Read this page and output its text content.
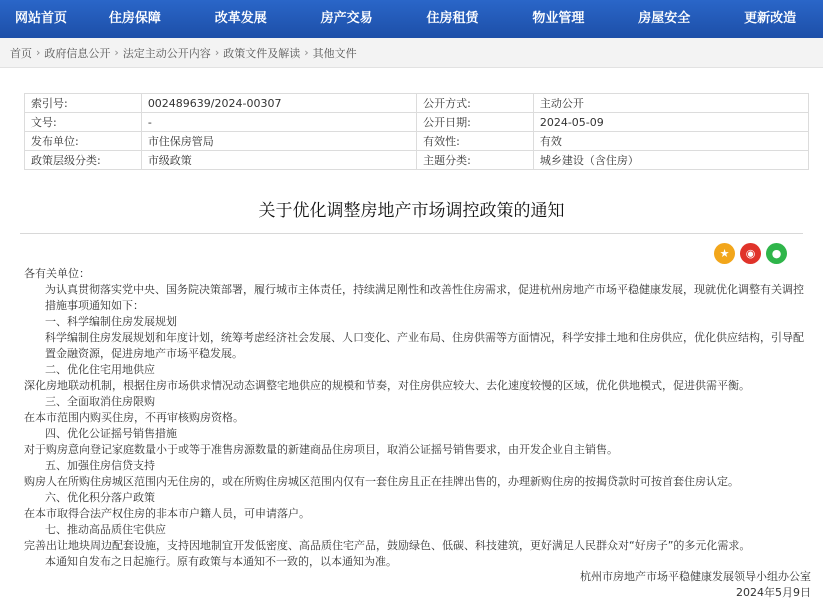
网站首页	住房保障	改革发展	房产交易	住房租赁	物业管理	房屋安全	更新改造
首页 › 政府信息公开 › 法定主动公开内容 › 政策文件及解读 › 其他文件
索引号:	002489639/2024-00307	公开方式:	主动公开
文号:	-	公开日期:	2024-05-09
发布单位:	市住保房管局	有效性:	有效
政策层级分类:	市级政策	主题分类:	城乡建设（含住房）
关于优化调整房地产市场调控政策的通知
★	◉	●

各有关单位：

为认真贯彻落实党中央、国务院决策部署，履行城市主体责任，持续满足刚性和改善性住房需求，促进杭州房地产市场平稳健康发展，现就优化调整有关调控措施事项通知如下：

一、科学编制住房发展规划

科学编制住房发展规划和年度计划，统筹考虑经济社会发展、人口变化、产业布局、住房供需等方面情况，科学安排土地和住房供应，优化供应结构，引导配置金融资源，促进房地产市场平稳发展。

二、优化住宅用地供应

深化房地联动机制，根据住房市场供求情况动态调整宅地供应的规模和节奏，对住房供应较大、去化速度较慢的区域，优化供地模式，促进供需平衡。

三、全面取消住房限购

在本市范围内购买住房，不再审核购房资格。

四、优化公证摇号销售措施

对于购房意向登记家庭数量小于或等于准售房源数量的新建商品住房项目，取消公证摇号销售要求，由开发企业自主销售。

五、加强住房信贷支持

购房人在所购住房城区范围内无住房的，或在所购住房城区范围内仅有一套住房且正在挂牌出售的，办理新购住房的按揭贷款时可按首套住房认定。

六、优化积分落户政策

在本市取得合法产权住房的非本市户籍人员，可申请落户。

七、推动高品质住宅供应

完善出让地块周边配套设施，支持因地制宜开发低密度、高品质住宅产品，鼓励绿色、低碳、科技建筑，更好满足人民群众对“好房子”的多元化需求。

本通知自发布之日起施行。原有政策与本通知不一致的，以本通知为准。

杭州市房地产市场平稳健康发展领导小组办公室
2024年5月9日
